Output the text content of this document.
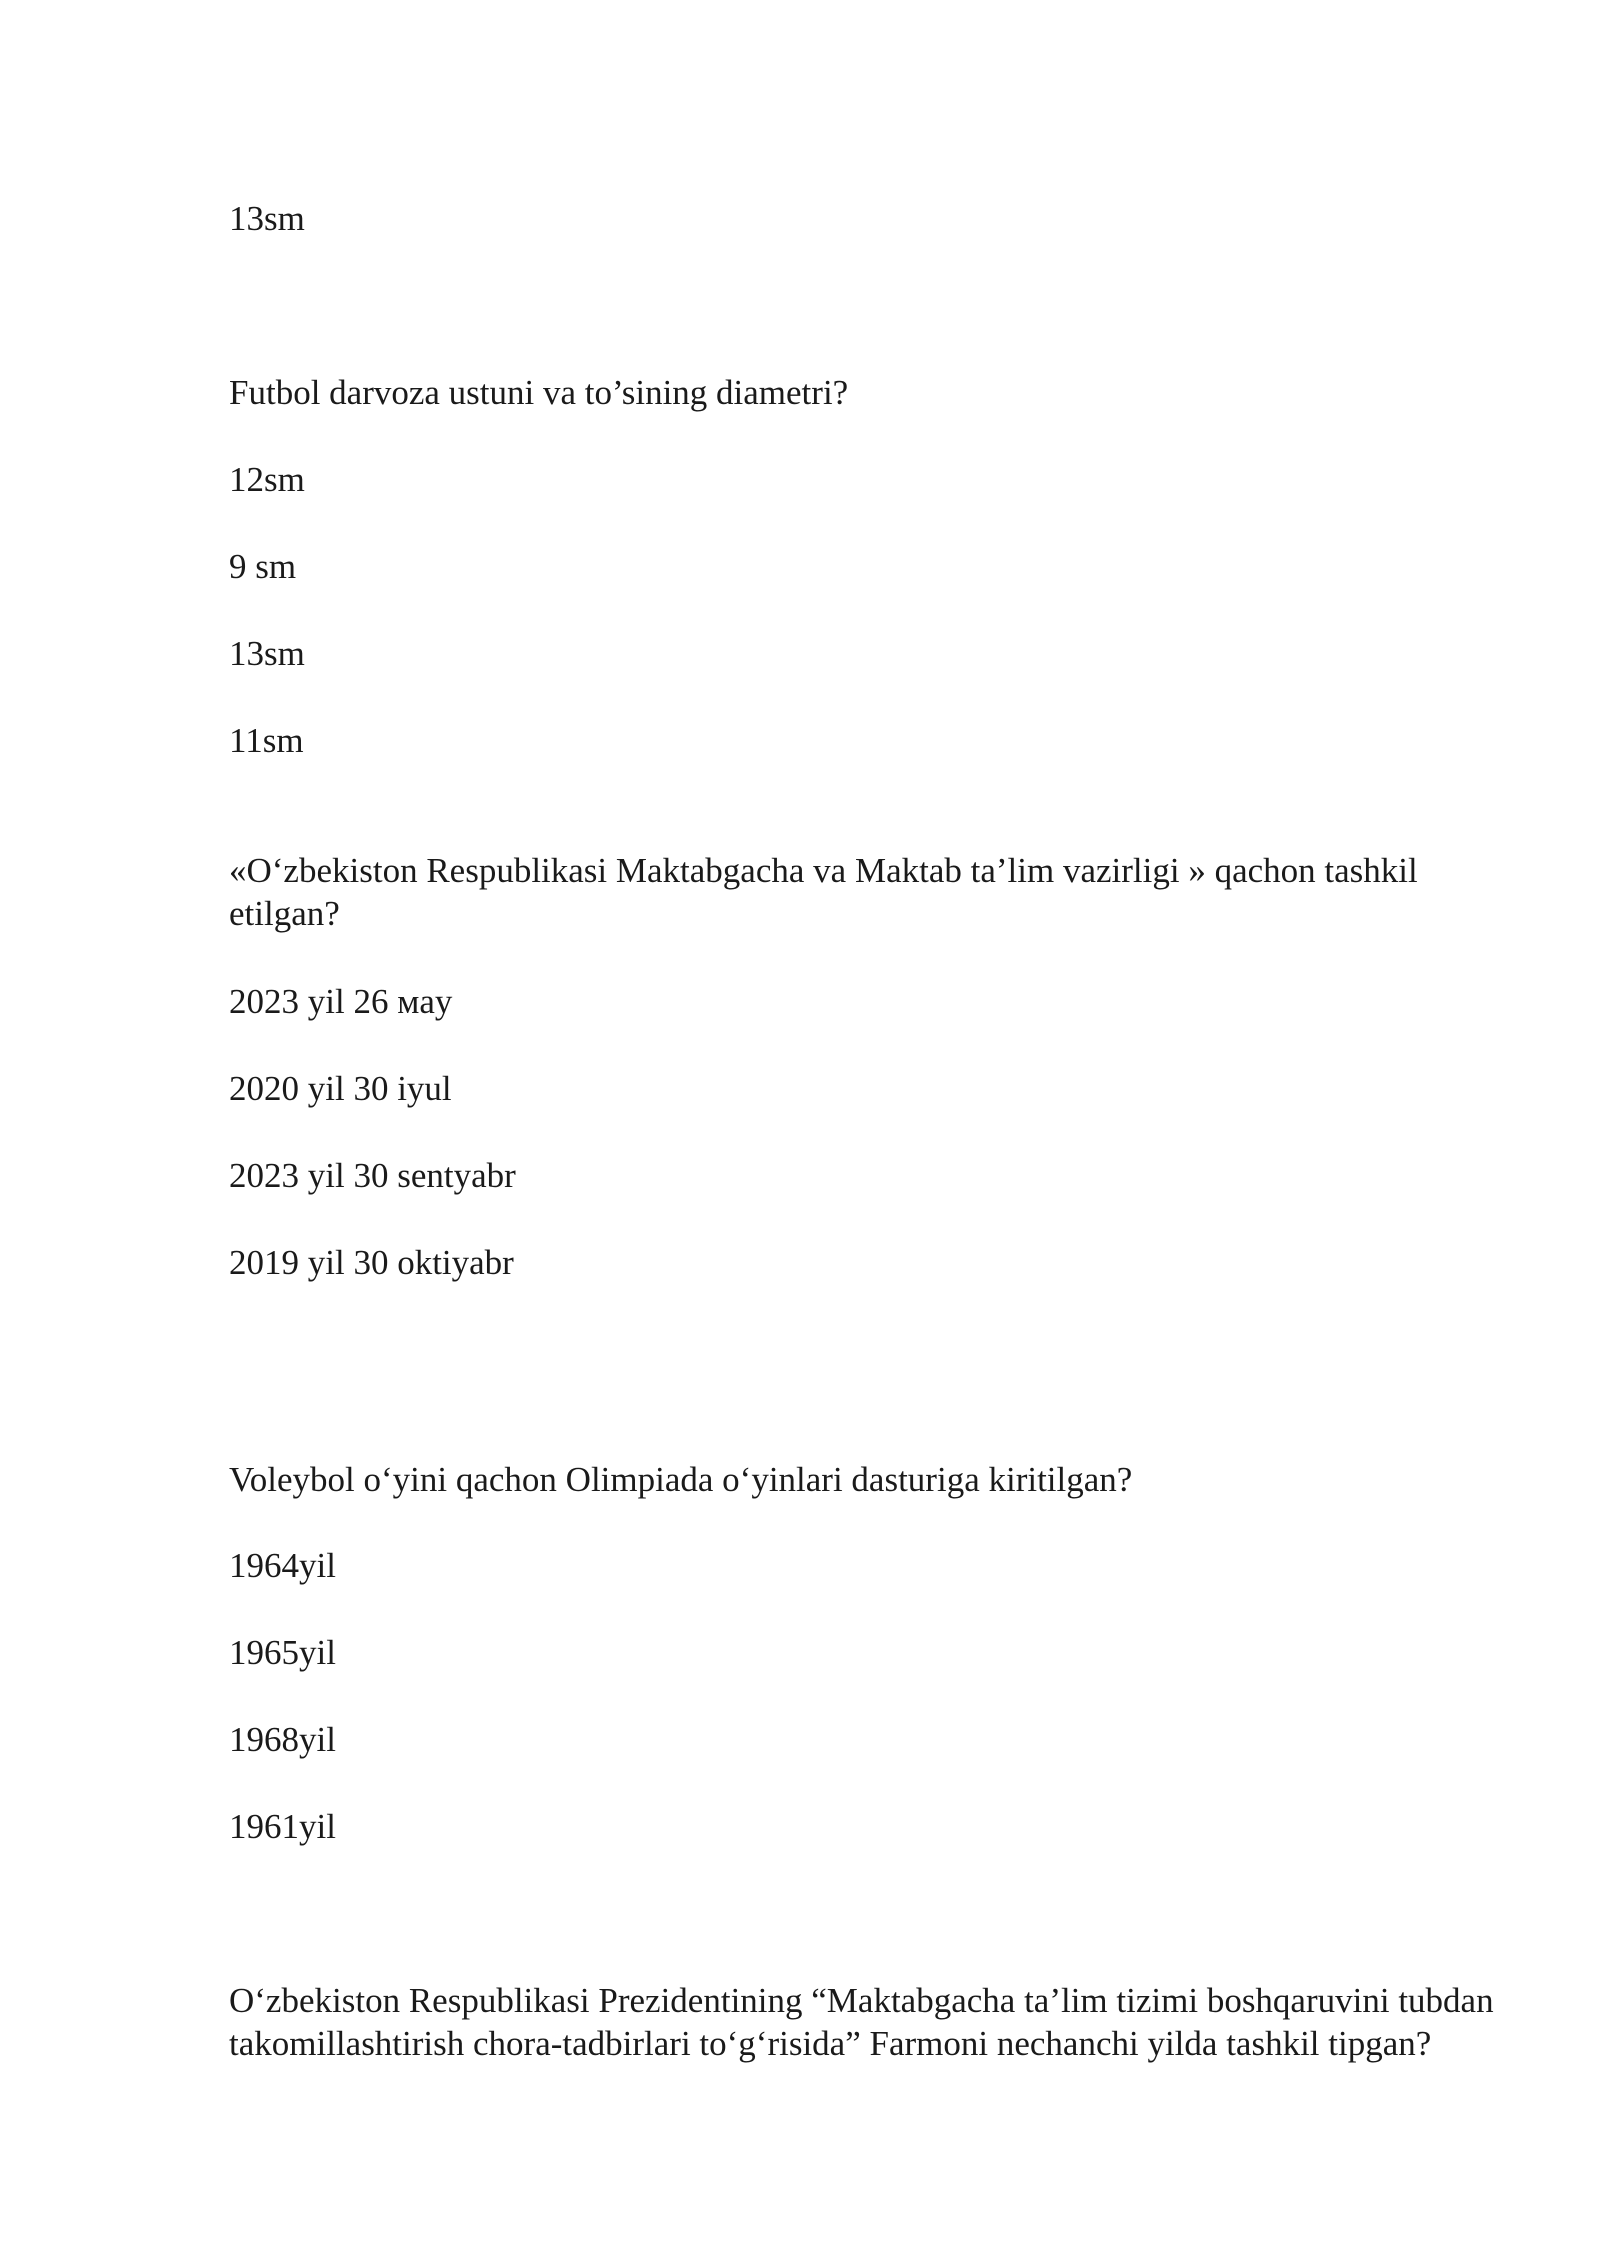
13sm

Futbol darvoza ustuni va to’sining diametri?

12sm

9 sm

13sm

11sm

«Oʻzbekiston Respublikasi Maktabgacha va Maktab ta’lim vazirligi » qachon tashkil etilgan?

2023 yil 26 мay

2020 yil 30 iyul

2023 yil 30 sentyabr

2019 yil 30 oktiyabr

Voleybol oʻyini qachon Olimpiada oʻyinlari dasturiga kiritilgan?

1964yil

1965yil

1968yil

1961yil

Oʻzbekiston Respublikasi Prezidentining “Maktabgacha ta’lim tizimi boshqaruvini tubdan takomillashtirish chora-tadbirlari toʻgʻrisida” Farmoni nechanchi yilda tashkil tipgan?
